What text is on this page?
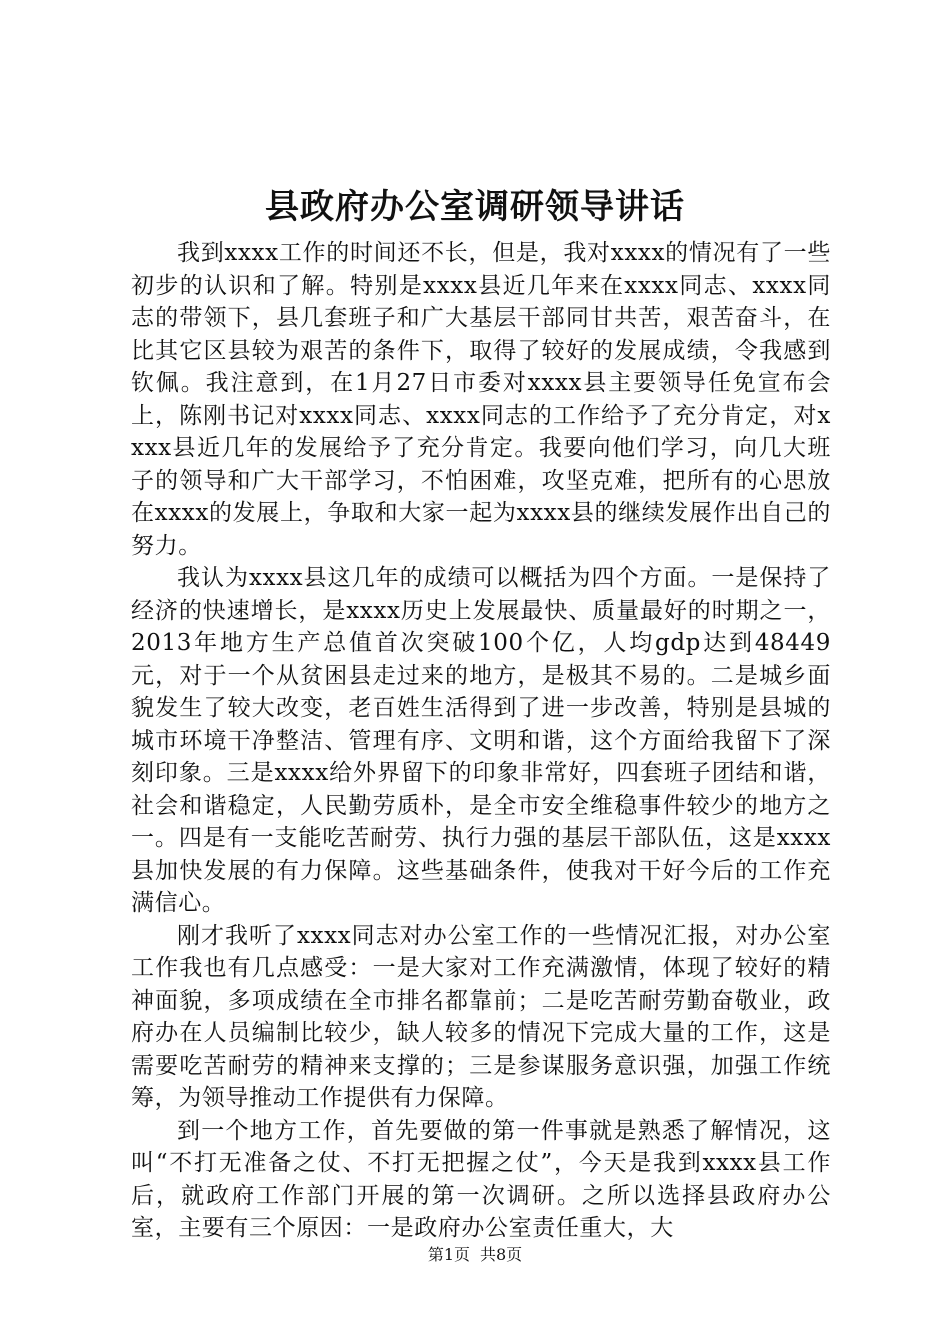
县政府办公室调研领导讲话

我到xxxx工作的时间还不长，但是，我对xxxx的情况有了一些初步的认识和了解。特别是xxxx县近几年来在xxxx同志、xxxx同志的带领下，县几套班子和广大基层干部同甘共苦，艰苦奋斗，在比其它区县较为艰苦的条件下，取得了较好的发展成绩，令我感到钦佩。我注意到，在1月27日市委对xxxx县主要领导任免宣布会上，陈刚书记对xxxx同志、xxxx同志的工作给予了充分肯定，对xxxx县近几年的发展给予了充分肯定。我要向他们学习，向几大班子的领导和广大干部学习，不怕困难，攻坚克难，把所有的心思放在xxxx的发展上，争取和大家一起为xxxx县的继续发展作出自己的努力。

我认为xxxx县这几年的成绩可以概括为四个方面。一是保持了经济的快速增长，是xxxx历史上发展最快、质量最好的时期之一，2013年地方生产总值首次突破100个亿，人均gdp达到48449元，对于一个从贫困县走过来的地方，是极其不易的。二是城乡面貌发生了较大改变，老百姓生活得到了进一步改善，特别是县城的城市环境干净整洁、管理有序、文明和谐，这个方面给我留下了深刻印象。三是xxxx给外界留下的印象非常好，四套班子团结和谐，社会和谐稳定，人民勤劳质朴，是全市安全维稳事件较少的地方之一。四是有一支能吃苦耐劳、执行力强的基层干部队伍，这是xxxx县加快发展的有力保障。这些基础条件，使我对干好今后的工作充满信心。

刚才我听了xxxx同志对办公室工作的一些情况汇报，对办公室工作我也有几点感受：一是大家对工作充满激情，体现了较好的精神面貌，多项成绩在全市排名都靠前；二是吃苦耐劳勤奋敬业，政府办在人员编制比较少，缺人较多的情况下完成大量的工作，这是需要吃苦耐劳的精神来支撑的；三是参谋服务意识强，加强工作统筹，为领导推动工作提供有力保障。

到一个地方工作，首先要做的第一件事就是熟悉了解情况，这叫“不打无准备之仗、不打无把握之仗”，今天是我到xxxx县工作后，就政府工作部门开展的第一次调研。之所以选择县政府办公室，主要有三个原因：一是政府办公室责任重大，大

第1页 共8页
